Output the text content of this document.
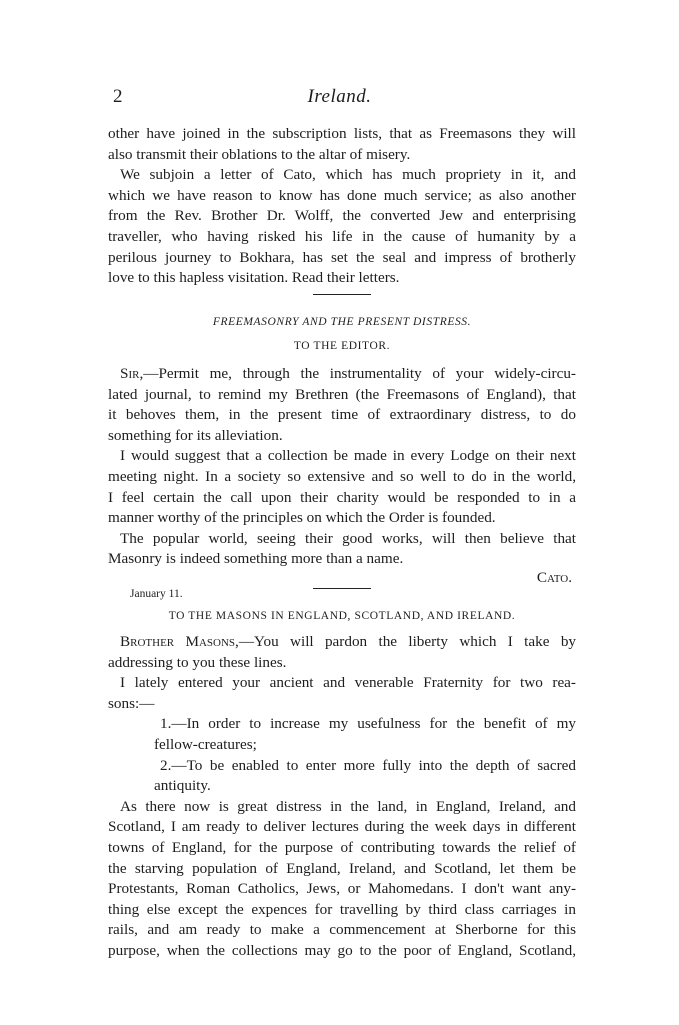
2	Ireland.
other have joined in the subscription lists, that as Freemasons they will
also transmit their oblations to the altar of misery.
We subjoin a letter of Cato, which has much propriety in it, and
which we have reason to know has done much service; as also another
from the Rev. Brother Dr. Wolff, the converted Jew and enterprising
traveller, who having risked his life in the cause of humanity by a
perilous journey to Bokhara, has set the seal and impress of brotherly
love to this hapless visitation. Read their letters.
FREEMASONRY AND THE PRESENT DISTRESS.
TO THE EDITOR.
Sir,—Permit me, through the instrumentality of your widely-circu-
lated journal, to remind my Brethren (the Freemasons of England), that
it behoves them, in the present time of extraordinary distress, to do
something for its alleviation.
I would suggest that a collection be made in every Lodge on their next
meeting night. In a society so extensive and so well to do in the world,
I feel certain the call upon their charity would be responded to in a
manner worthy of the principles on which the Order is founded.
The popular world, seeing their good works, will then believe that
Masonry is indeed something more than a name.
Cato.
January 11.
TO THE MASONS IN ENGLAND, SCOTLAND, AND IRELAND.
Brother Masons,—You will pardon the liberty which I take by
addressing to you these lines.
I lately entered your ancient and venerable Fraternity for two rea-
sons:—
1.—In order to increase my usefulness for the benefit of my
fellow-creatures;
2.—To be enabled to enter more fully into the depth of sacred
antiquity.
As there now is great distress in the land, in England, Ireland, and
Scotland, I am ready to deliver lectures during the week days in different
towns of England, for the purpose of contributing towards the relief of
the starving population of England, Ireland, and Scotland, let them be
Protestants, Roman Catholics, Jews, or Mahomedans. I don't want any-
thing else except the expences for travelling by third class carriages in
rails, and am ready to make a commencement at Sherborne for this
purpose, when the collections may go to the poor of England, Scotland,
